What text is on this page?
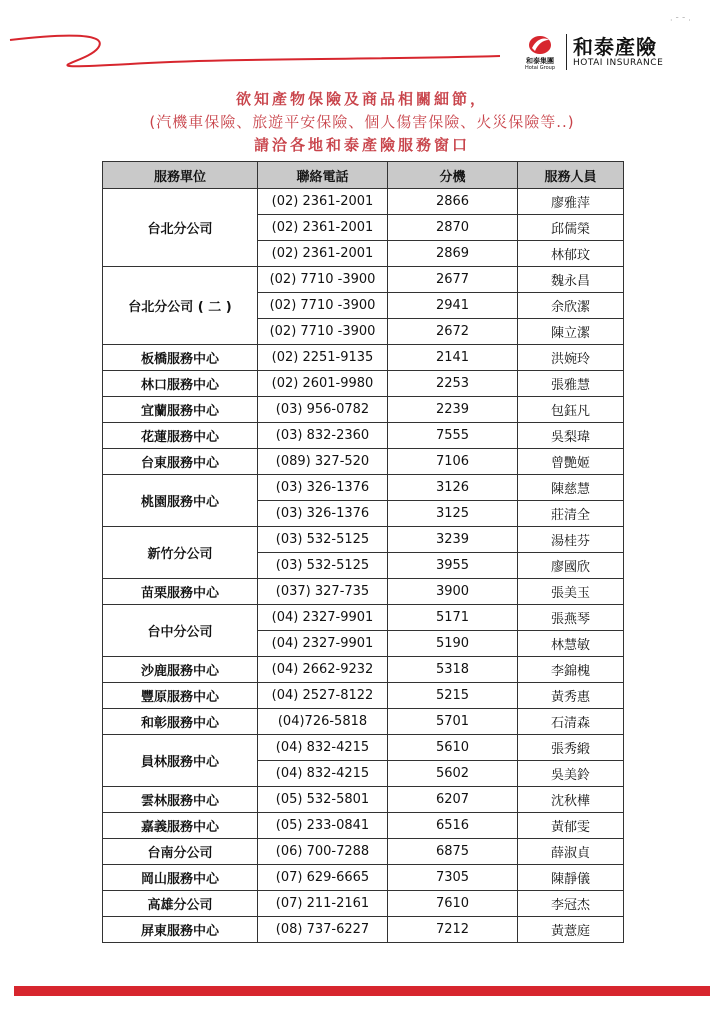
· ˉ ˉ ·
和泰集團
Hotai Group
和泰產險
HOTAI INSURANCE
欲知產物保險及商品相關細節，
(汽機車保險、旅遊平安保險、個人傷害保險、火災保險等..)
請洽各地和泰產險服務窗口
服務單位	聯絡電話	分機	服務人員
台北分公司	(02) 2361-2001	2866	廖雅萍
	(02) 2361-2001	2870	邱儒榮
	(02) 2361-2001	2869	林郁玟
台北分公司 ( 二 )	(02) 7710 -3900	2677	魏永昌
	(02) 7710 -3900	2941	余欣潔
	(02) 7710 -3900	2672	陳立潔
板橋服務中心	(02) 2251-9135	2141	洪婉玲
林口服務中心	(02) 2601-9980	2253	張雅慧
宜蘭服務中心	(03) 956-0782	2239	包鈺凡
花蓮服務中心	(03) 832-2360	7555	吳梨瑋
台東服務中心	(089) 327-520	7106	曾艷姬
桃園服務中心	(03) 326-1376	3126	陳慈慧
	(03) 326-1376	3125	莊清全
新竹分公司	(03) 532-5125	3239	湯桂芬
	(03) 532-5125	3955	廖國欣
苗栗服務中心	(037) 327-735	3900	張美玉
台中分公司	(04) 2327-9901	5171	張燕琴
	(04) 2327-9901	5190	林慧敏
沙鹿服務中心	(04) 2662-9232	5318	李錦槐
豐原服務中心	(04) 2527-8122	5215	黃秀惠
和彰服務中心	(04)726-5818	5701	石清森
員林服務中心	(04) 832-4215	5610	張秀緞
	(04) 832-4215	5602	吳美鈴
雲林服務中心	(05) 532-5801	6207	沈秋樺
嘉義服務中心	(05) 233-0841	6516	黃郁雯
台南分公司	(06) 700-7288	6875	薛淑貞
岡山服務中心	(07) 629-6665	7305	陳靜儀
高雄分公司	(07) 211-2161	7610	李冠杰
屏東服務中心	(08) 737-6227	7212	黃薏庭
